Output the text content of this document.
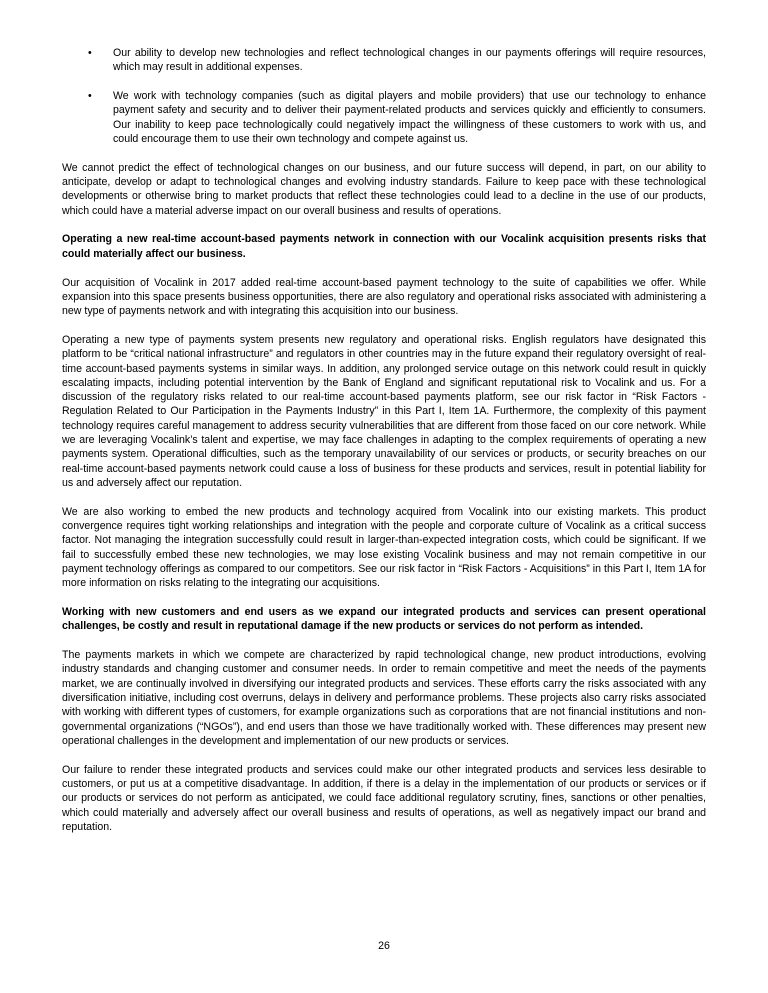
• Our ability to develop new technologies and reflect technological changes in our payments offerings will require resources, which may result in additional expenses.
• We work with technology companies (such as digital players and mobile providers) that use our technology to enhance payment safety and security and to deliver their payment-related products and services quickly and efficiently to consumers. Our inability to keep pace technologically could negatively impact the willingness of these customers to work with us, and could encourage them to use their own technology and compete against us.

We cannot predict the effect of technological changes on our business, and our future success will depend, in part, on our ability to anticipate, develop or adapt to technological changes and evolving industry standards. Failure to keep pace with these technological developments or otherwise bring to market products that reflect these technologies could lead to a decline in the use of our products, which could have a material adverse impact on our overall business and results of operations.

Operating a new real-time account-based payments network in connection with our Vocalink acquisition presents risks that could materially affect our business.

Our acquisition of Vocalink in 2017 added real-time account-based payment technology to the suite of capabilities we offer. While expansion into this space presents business opportunities, there are also regulatory and operational risks associated with administering a new type of payments network and with integrating this acquisition into our business.

Operating a new type of payments system presents new regulatory and operational risks. English regulators have designated this platform to be “critical national infrastructure” and regulators in other countries may in the future expand their regulatory oversight of real-time account-based payments systems in similar ways. In addition, any prolonged service outage on this network could result in quickly escalating impacts, including potential intervention by the Bank of England and significant reputational risk to Vocalink and us. For a discussion of the regulatory risks related to our real-time account-based payments platform, see our risk factor in “Risk Factors - Regulation Related to Our Participation in the Payments Industry” in this Part I, Item 1A. Furthermore, the complexity of this payment technology requires careful management to address security vulnerabilities that are different from those faced on our core network. While we are leveraging Vocalink’s talent and expertise, we may face challenges in adapting to the complex requirements of operating a new payments system. Operational difficulties, such as the temporary unavailability of our services or products, or security breaches on our real-time account-based payments network could cause a loss of business for these products and services, result in potential liability for us and adversely affect our reputation.

We are also working to embed the new products and technology acquired from Vocalink into our existing markets. This product convergence requires tight working relationships and integration with the people and corporate culture of Vocalink as a critical success factor. Not managing the integration successfully could result in larger-than-expected integration costs, which could be significant. If we fail to successfully embed these new technologies, we may lose existing Vocalink business and may not remain competitive in our payment technology offerings as compared to our competitors. See our risk factor in “Risk Factors - Acquisitions” in this Part I, Item 1A for more information on risks relating to the integrating our acquisitions.

Working with new customers and end users as we expand our integrated products and services can present operational challenges, be costly and result in reputational damage if the new products or services do not perform as intended.

The payments markets in which we compete are characterized by rapid technological change, new product introductions, evolving industry standards and changing customer and consumer needs. In order to remain competitive and meet the needs of the payments market, we are continually involved in diversifying our integrated products and services. These efforts carry the risks associated with any diversification initiative, including cost overruns, delays in delivery and performance problems. These projects also carry risks associated with working with different types of customers, for example organizations such as corporations that are not financial institutions and non-governmental organizations (“NGOs”), and end users than those we have traditionally worked with. These differences may present new operational challenges in the development and implementation of our new products or services.

Our failure to render these integrated products and services could make our other integrated products and services less desirable to customers, or put us at a competitive disadvantage. In addition, if there is a delay in the implementation of our products or services or if our products or services do not perform as anticipated, we could face additional regulatory scrutiny, fines, sanctions or other penalties, which could materially and adversely affect our overall business and results of operations, as well as negatively impact our brand and reputation.

26
